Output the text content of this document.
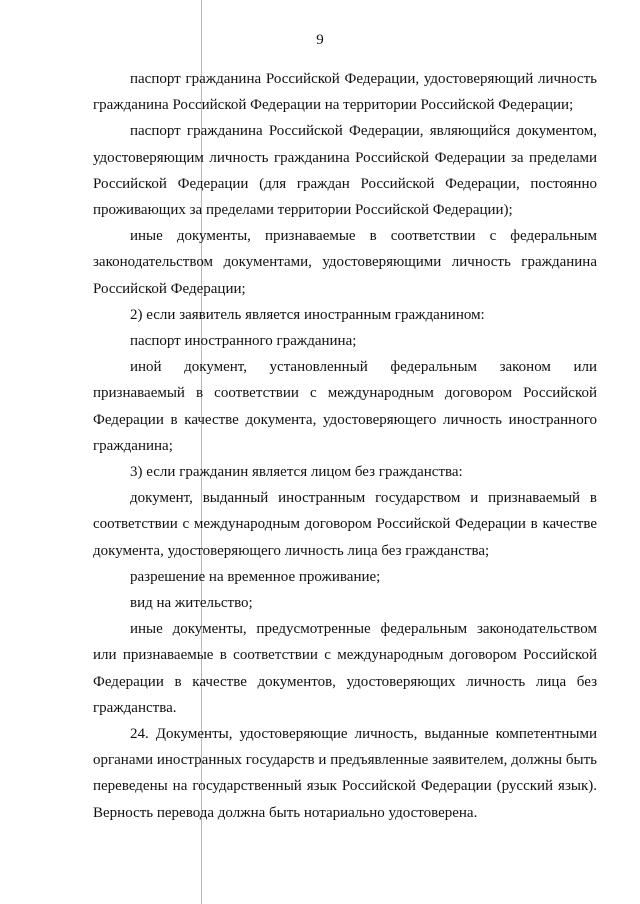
9

паспорт гражданина Российской Федерации, удостоверяющий личность гражданина Российской Федерации на территории Российской Федерации;

паспорт гражданина Российской Федерации, являющийся документом, удостоверяющим личность гражданина Российской Федерации за пределами Российской Федерации (для граждан Российской Федерации, постоянно проживающих за пределами территории Российской Федерации);

иные документы, признаваемые в соответствии с федеральным законодательством документами, удостоверяющими личность гражданина Российской Федерации;

2) если заявитель является иностранным гражданином:

паспорт иностранного гражданина;

иной документ, установленный федеральным законом или признаваемый в соответствии с международным договором Российской Федерации в качестве документа, удостоверяющего личность иностранного гражданина;

3) если гражданин является лицом без гражданства:

документ, выданный иностранным государством и признаваемый в соответствии с международным договором Российской Федерации в качестве документа, удостоверяющего личность лица без гражданства;

разрешение на временное проживание;

вид на жительство;

иные документы, предусмотренные федеральным законодательством или признаваемые в соответствии с международным договором Российской Федерации в качестве документов, удостоверяющих личность лица без гражданства.

24. Документы, удостоверяющие личность, выданные компетентными органами иностранных государств и предъявленные заявителем, должны быть переведены на государственный язык Российской Федерации (русский язык). Верность перевода должна быть нотариально удостоверена.
